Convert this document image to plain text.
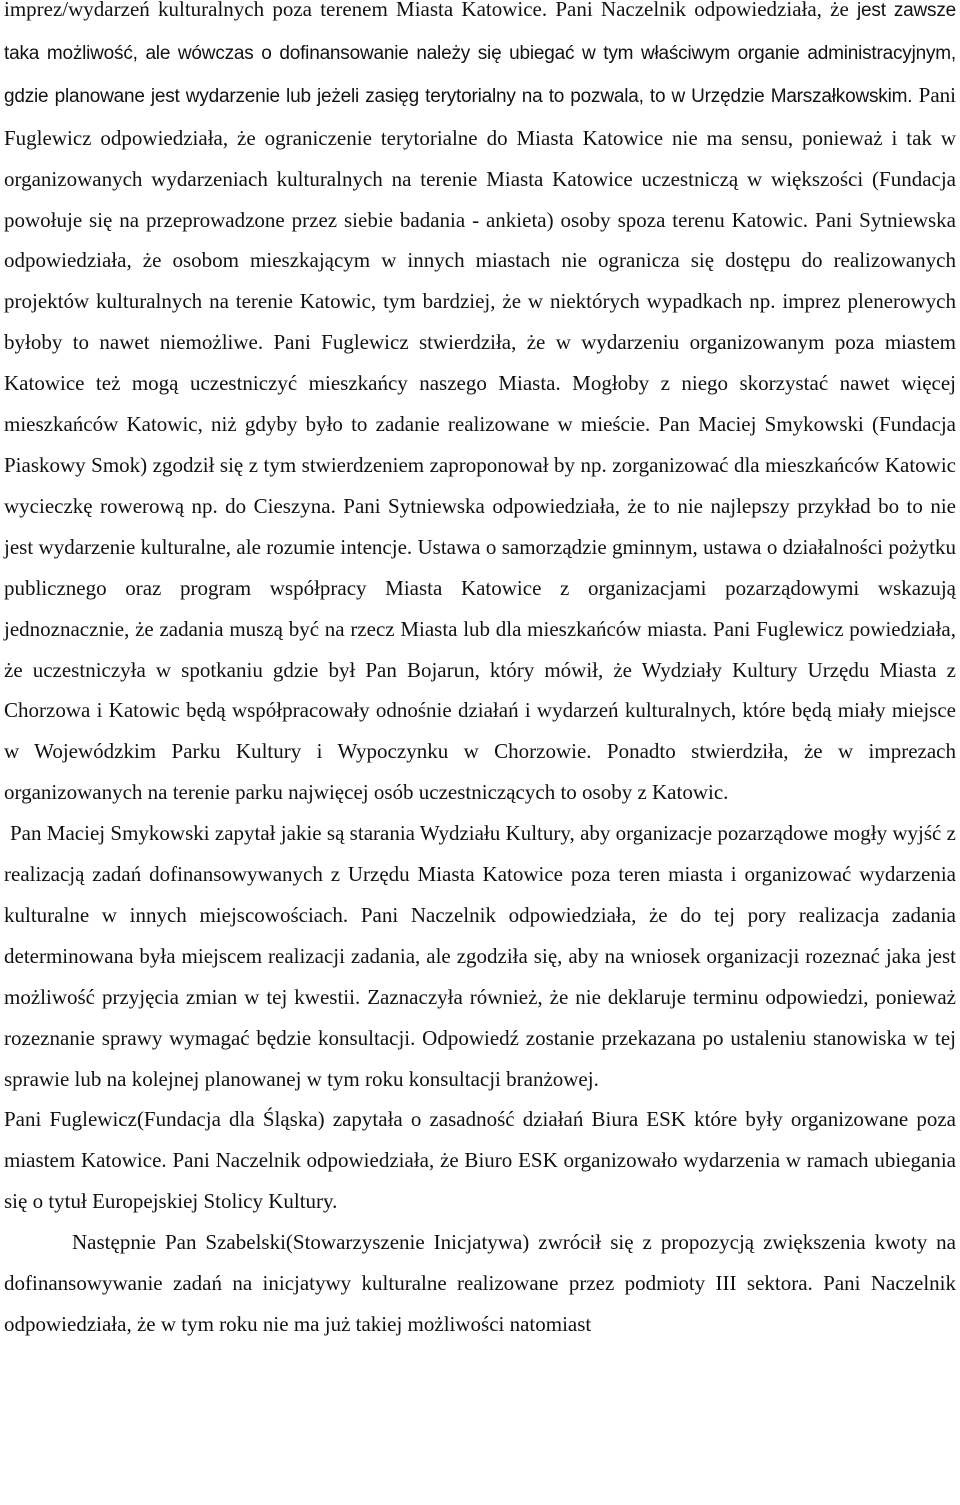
imprez/wydarzeń kulturalnych poza terenem Miasta Katowice. Pani Naczelnik odpowiedziała, że jest zawsze taka możliwość, ale wówczas o dofinansowanie należy się ubiegać w tym właściwym organie administracyjnym, gdzie planowane jest wydarzenie lub jeżeli zasięg terytorialny na to pozwala, to w Urzędzie Marszałkowskim. Pani Fuglewicz odpowiedziała, że ograniczenie terytorialne do Miasta Katowice nie ma sensu, ponieważ i tak w organizowanych wydarzeniach kulturalnych na terenie Miasta Katowice uczestniczą w większości (Fundacja powołuje się na przeprowadzone przez siebie badania - ankieta) osoby spoza terenu Katowic. Pani Sytniewska odpowiedziała, że osobom mieszkającym w innych miastach nie ogranicza się dostępu do realizowanych projektów kulturalnych na terenie Katowic, tym bardziej, że w niektórych wypadkach np. imprez plenerowych byłoby to nawet niemożliwe. Pani Fuglewicz stwierdziła, że w wydarzeniu organizowanym poza miastem Katowice też mogą uczestniczyć mieszkańcy naszego Miasta. Mogłoby z niego skorzystać nawet więcej mieszkańców Katowic, niż gdyby było to zadanie realizowane w mieście. Pan Maciej Smykowski (Fundacja Piaskowy Smok) zgodził się z tym stwierdzeniem zaproponował by np. zorganizować dla mieszkańców Katowic wycieczkę rowerową np. do Cieszyna. Pani Sytniewska odpowiedziała, że to nie najlepszy przykład bo to nie jest wydarzenie kulturalne, ale rozumie intencje. Ustawa o samorządzie gminnym, ustawa o działalności pożytku publicznego oraz program współpracy Miasta Katowice z organizacjami pozarządowymi wskazują jednoznacznie, że zadania muszą być na rzecz Miasta lub dla mieszkańców miasta. Pani Fuglewicz powiedziała, że uczestniczyła w spotkaniu gdzie był Pan Bojarun, który mówił, że Wydziały Kultury Urzędu Miasta z Chorzowa i Katowic będą współpracowały odnośnie działań i wydarzeń kulturalnych, które będą miały miejsce w Wojewódzkim Parku Kultury i Wypoczynku w Chorzowie. Ponadto stwierdziła, że w imprezach organizowanych na terenie parku najwięcej osób uczestniczących to osoby z Katowic.

Pan Maciej Smykowski zapytał jakie są starania Wydziału Kultury, aby organizacje pozarządowe mogły wyjść z realizacją zadań dofinansowywanych z Urzędu Miasta Katowice poza teren miasta i organizować wydarzenia kulturalne w innych miejscowościach. Pani Naczelnik odpowiedziała, że do tej pory realizacja zadania determinowana była miejscem realizacji zadania, ale zgodziła się, aby na wniosek organizacji rozeznać jaka jest możliwość przyjęcia zmian w tej kwestii. Zaznaczyła również, że nie deklaruje terminu odpowiedzi, ponieważ rozeznanie sprawy wymagać będzie konsultacji. Odpowiedź zostanie przekazana po ustaleniu stanowiska w tej sprawie lub na kolejnej planowanej w tym roku konsultacji branżowej.

Pani Fuglewicz(Fundacja dla Śląska) zapytała o zasadność działań Biura ESK które były organizowane poza miastem Katowice. Pani Naczelnik odpowiedziała, że Biuro ESK organizowało wydarzenia w ramach ubiegania się o tytuł Europejskiej Stolicy Kultury.

Następnie Pan Szabelski(Stowarzyszenie Inicjatywa) zwrócił się z propozycją zwiększenia kwoty na dofinansowywanie zadań na inicjatywy kulturalne realizowane przez podmioty III sektora. Pani Naczelnik odpowiedziała, że w tym roku nie ma już takiej możliwości natomiast
